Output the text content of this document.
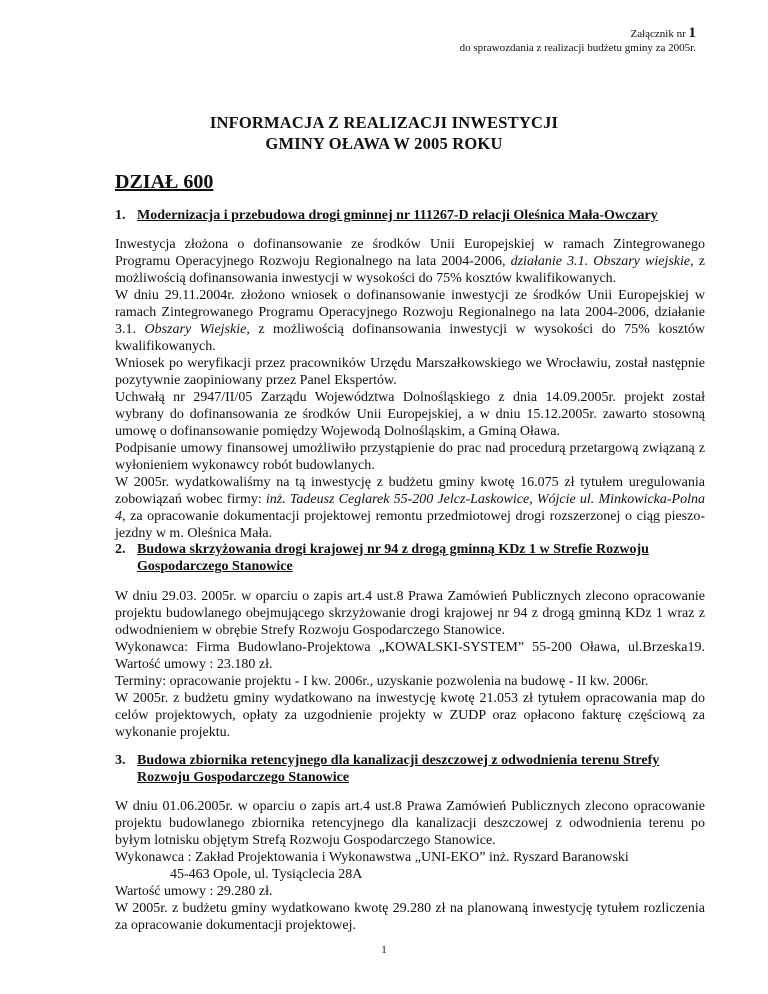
Załącznik nr 1
do sprawozdania z realizacji budżetu gminy za 2005r.
INFORMACJA Z REALIZACJI INWESTYCJI
GMINY OŁAWA W 2005 ROKU
DZIAŁ 600
1. Modernizacja i przebudowa drogi gminnej nr 111267-D relacji Oleśnica Mała-Owczary

Inwestycja złożona o dofinansowanie ze środków Unii Europejskiej w ramach Zintegrowanego Programu Operacyjnego Rozwoju Regionalnego na lata 2004-2006, działanie 3.1. Obszary wiejskie, z możliwością dofinansowania inwestycji w wysokości do 75% kosztów kwalifikowanych.

W dniu 29.11.2004r. złożono wniosek o dofinansowanie inwestycji ze środków Unii Europejskiej w ramach Zintegrowanego Programu Operacyjnego Rozwoju Regionalnego na lata 2004-2006, działanie 3.1. Obszary Wiejskie, z możliwością dofinansowania inwestycji w wysokości do 75% kosztów kwalifikowanych.

Wniosek po weryfikacji przez pracowników Urzędu Marszałkowskiego we Wrocławiu, został następnie pozytywnie zaopiniowany przez Panel Ekspertów.

Uchwałą nr 2947/II/05 Zarządu Województwa Dolnośląskiego z dnia 14.09.2005r. projekt został wybrany do dofinansowania ze środków Unii Europejskiej, a w dniu 15.12.2005r. zawarto stosowną umowę o dofinansowanie pomiędzy Wojewodą Dolnośląskim, a Gminą Oława.

Podpisanie umowy finansowej umożliwiło przystąpienie do prac nad procedurą przetargową związaną z wyłonieniem wykonawcy robót budowlanych.

W 2005r. wydatkowaliśmy na tą inwestycję z budżetu gminy kwotę 16.075 zł tytułem uregulowania zobowiązań wobec firmy: inż. Tadeusz Ceglarek 55-200 Jelcz-Laskowice, Wójcie ul. Minkowicka-Polna 4, za opracowanie dokumentacji projektowej remontu przedmiotowej drogi rozszerzonej o ciąg pieszo-jezdny w m. Oleśnica Mała.

2. Budowa skrzyżowania drogi krajowej nr 94 z drogą gminną KDz 1 w Strefie Rozwoju Gospodarczego Stanowice

W dniu 29.03. 2005r. w oparciu o zapis art.4 ust.8 Prawa Zamówień Publicznych zlecono opracowanie projektu budowlanego obejmującego skrzyżowanie drogi krajowej nr 94 z drogą gminną KDz 1 wraz z odwodnieniem w obrębie Strefy Rozwoju Gospodarczego Stanowice.

Wykonawca: Firma Budowlano-Projektowa „KOWALSKI-SYSTEM” 55-200 Oława, ul.Brzeska19. Wartość umowy : 23.180 zł.

Terminy: opracowanie projektu - I kw. 2006r., uzyskanie pozwolenia na budowę - II kw. 2006r.

W 2005r. z budżetu gminy wydatkowano na inwestycję kwotę 21.053 zł tytułem opracowania map do celów projektowych, opłaty za uzgodnienie projekty w ZUDP oraz opłacono fakturę częściową za wykonanie projektu.

3. Budowa zbiornika retencyjnego dla kanalizacji deszczowej z odwodnienia terenu Strefy Rozwoju Gospodarczego Stanowice

W dniu 01.06.2005r. w oparciu o zapis art.4 ust.8 Prawa Zamówień Publicznych zlecono opracowanie projektu budowlanego zbiornika retencyjnego dla kanalizacji deszczowej z odwodnienia terenu po byłym lotnisku objętym Strefą Rozwoju Gospodarczego Stanowice.

Wykonawca : Zakład Projektowania i Wykonawstwa „UNI-EKO” inż. Ryszard Baranowski

45-463 Opole, ul. Tysiąclecia 28A

Wartość umowy : 29.280 zł.

W 2005r. z budżetu gminy wydatkowano kwotę 29.280 zł na planowaną inwestycję tytułem rozliczenia za opracowanie dokumentacji projektowej.

1
